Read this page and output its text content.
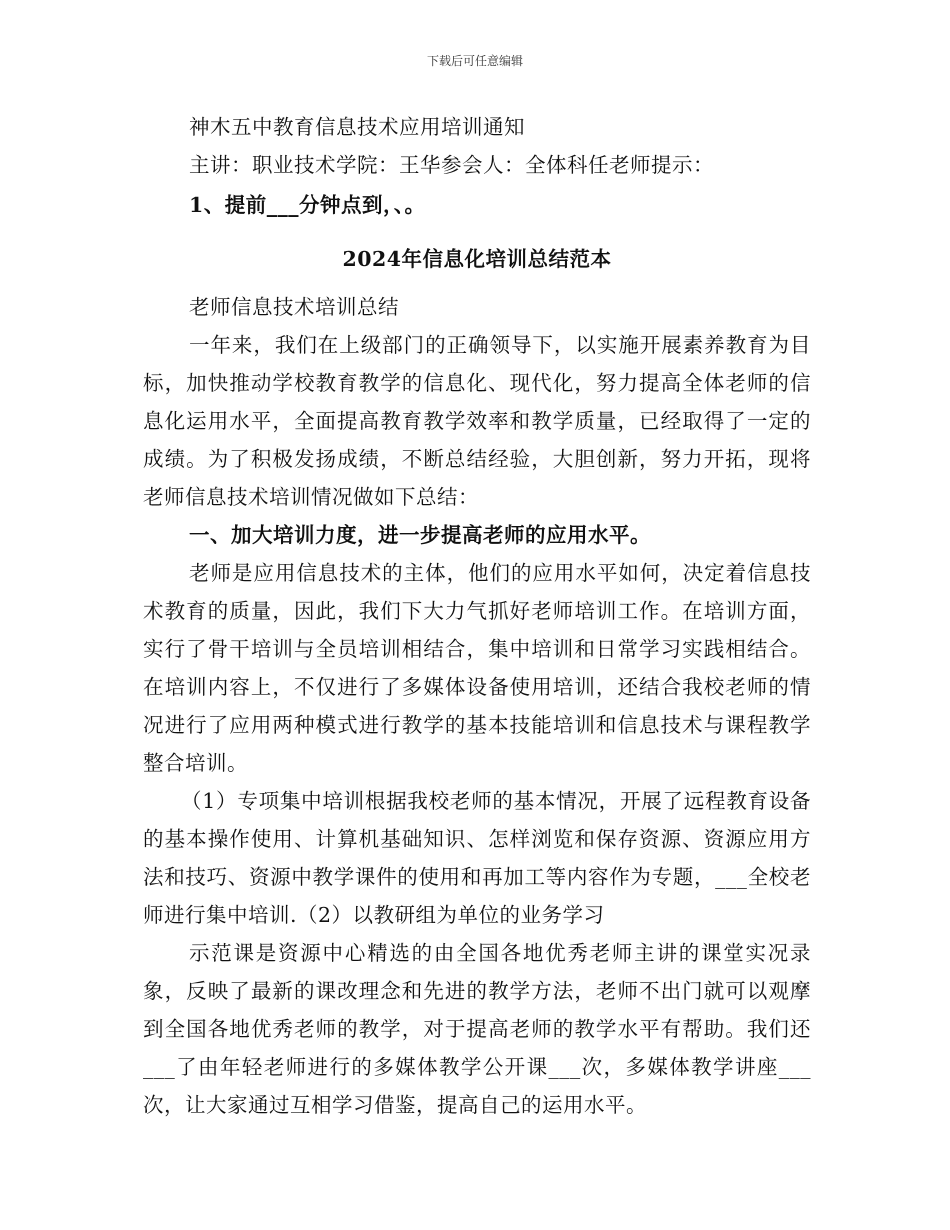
下载后可任意编辑

神木五中教育信息技术应用培训通知

主讲：职业技术学院：王华参会人：全体科任老师提示：

1、提前___分钟点到，、。

2024年信息化培训总结范本

老师信息技术培训总结

一年来，我们在上级部门的正确领导下，以实施开展素养教育为目标，加快推动学校教育教学的信息化、现代化，努力提高全体老师的信息化运用水平，全面提高教育教学效率和教学质量，已经取得了一定的成绩。为了积极发扬成绩，不断总结经验，大胆创新，努力开拓，现将老师信息技术培训情况做如下总结：

一、加大培训力度，进一步提高老师的应用水平。

老师是应用信息技术的主体，他们的应用水平如何，决定着信息技术教育的质量，因此，我们下大力气抓好老师培训工作。在培训方面，实行了骨干培训与全员培训相结合，集中培训和日常学习实践相结合。在培训内容上，不仅进行了多媒体设备使用培训，还结合我校老师的情况进行了应用两种模式进行教学的基本技能培训和信息技术与课程教学整合培训。

（1）专项集中培训根据我校老师的基本情况，开展了远程教育设备的基本操作使用、计算机基础知识、怎样浏览和保存资源、资源应用方法和技巧、资源中教学课件的使用和再加工等内容作为专题，___全校老师进行集中培训.（2）以教研组为单位的业务学习

示范课是资源中心精选的由全国各地优秀老师主讲的课堂实况录象，反映了最新的课改理念和先进的教学方法，老师不出门就可以观摩到全国各地优秀老师的教学，对于提高老师的教学水平有帮助。我们还___了由年轻老师进行的多媒体教学公开课___次，多媒体教学讲座___次，让大家通过互相学习借鉴，提高自己的运用水平。
